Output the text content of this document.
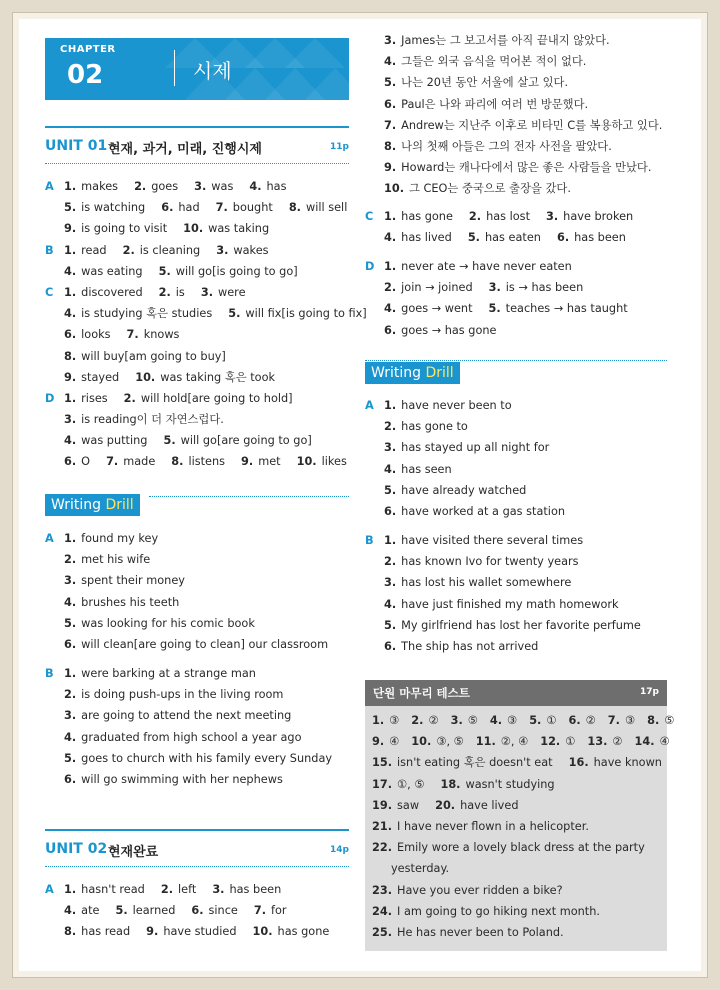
CHAPTER
02	시제
UNIT 01 현재, 과거, 미래, 진행시제	11p
A 1. makes 2. goes 3. was 4. has
5. is watching 6. had 7. bought 8. will sell
9. is going to visit 10. was taking
B 1. read 2. is cleaning 3. wakes
4. was eating 5. will go[is going to go]
C 1. discovered 2. is 3. were
4. is studying 혹은 studies 5. will fix[is going to fix]
6. looks 7. knows
8. will buy[am going to buy]
9. stayed 10. was taking 혹은 took
D 1. rises 2. will hold[are going to hold]
3. is reading이 더 자연스럽다.
4. was putting 5. will go[are going to go]
6. O 7. made 8. listens 9. met 10. likes
Writing Drill
A 1. found my key
2. met his wife
3. spent their money
4. brushes his teeth
5. was looking for his comic book
6. will clean[are going to clean] our classroom
B 1. were barking at a strange man
2. is doing push-ups in the living room
3. are going to attend the next meeting
4. graduated from high school a year ago
5. goes to church with his family every Sunday
6. will go swimming with her nephews
UNIT 02 현재완료	14p
A 1. hasn't read 2. left 3. has been
4. ate 5. learned 6. since 7. for
8. has read 9. have studied 10. has gone
3. James는 그 보고서를 아직 끝내지 않았다.
4. 그들은 외국 음식을 먹어본 적이 없다.
5. 나는 20년 동안 서울에 살고 있다.
6. Paul은 나와 파리에 여러 번 방문했다.
7. Andrew는 지난주 이후로 비타민 C를 복용하고 있다.
8. 나의 첫째 아들은 그의 전자 사전을 팔았다.
9. Howard는 캐나다에서 많은 좋은 사람들을 만났다.
10. 그 CEO는 중국으로 출장을 갔다.
C 1. has gone 2. has lost 3. have broken
4. has lived 5. has eaten 6. has been
D 1. never ate → have never eaten
2. join → joined 3. is → has been
4. goes → went 5. teaches → has taught
6. goes → has gone
Writing Drill
A 1. have never been to
2. has gone to
3. has stayed up all night for
4. has seen
5. have already watched
6. have worked at a gas station
B 1. have visited there several times
2. has known Ivo for twenty years
3. has lost his wallet somewhere
4. have just finished my math homework
5. My girlfriend has lost her favorite perfume
6. The ship has not arrived
단원 마무리 테스트	17p
1. ③ 2. ② 3. ⑤ 4. ③ 5. ① 6. ② 7. ③ 8. ⑤
9. ④ 10. ③, ⑤ 11. ②, ④ 12. ① 13. ② 14. ④
15. isn't eating 혹은 doesn't eat 16. have known
17. ①, ⑤ 18. wasn't studying
19. saw 20. have lived
21. I have never flown in a helicopter.
22. Emily wore a lovely black dress at the party
yesterday.
23. Have you ever ridden a bike?
24. I am going to go hiking next month.
25. He has never been to Poland.
